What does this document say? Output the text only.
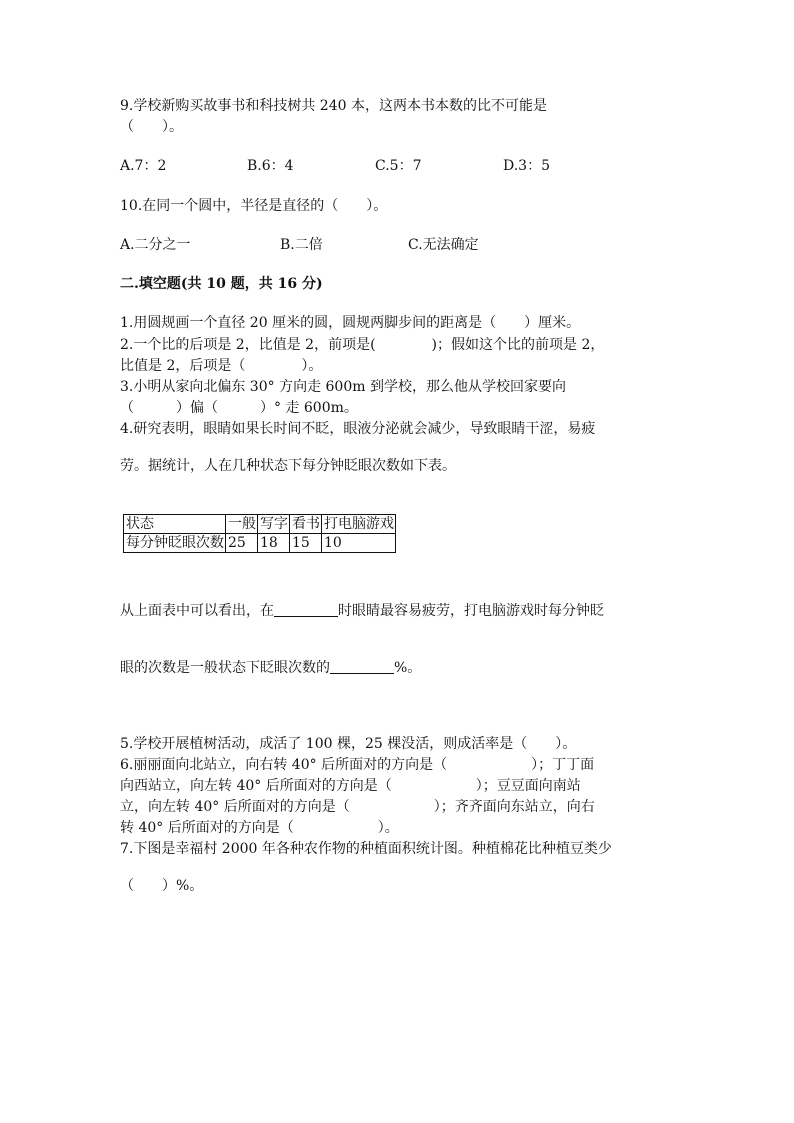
9.学校新购买故事书和科技树共 240 本，这两本书本数的比不可能是
（　　）。
A.7：2	B.6：4	C.5：7	D.3：5
10.在同一个圆中，半径是直径的（　　）。
A.二分之一	B.二倍	C.无法确定
二.填空题(共 10 题，共 16 分)
1.用圆规画一个直径 20 厘米的圆，圆规两脚步间的距离是（　　）厘米。
2.一个比的后项是 2，比值是 2，前项是(　　　　)；假如这个比的前项是 2，
比值是 2，后项是（　　　　）。
3.小明从家向北偏东 30° 方向走 600m 到学校，那么他从学校回家要向
（　　　）偏（　　　）° 走 600m。
4.研究表明，眼睛如果长时间不眨，眼液分泌就会减少，导致眼睛干涩，易疲
劳。据统计，人在几种状态下每分钟眨眼次数如下表。
状态	一般	写字	看书	打电脑游戏
每分钟眨眼次数	25	18	15	10
从上面表中可以看出，在	时眼睛最容易疲劳，打电脑游戏时每分钟眨
眼的次数是一般状态下眨眼次数的	%。
5.学校开展植树活动，成活了 100 棵，25 棵没活，则成活率是（　　）。
6.丽丽面向北站立，向右转 40° 后所面对的方向是（　　　　　　）；丁丁面
向西站立，向左转 40° 后所面对的方向是（　　　　　　）；豆豆面向南站
立，向左转 40° 后所面对的方向是（　　　　　　）；齐齐面向东站立，向右
转 40° 后所面对的方向是（　　　　　　）。
7.下图是幸福村 2000 年各种农作物的种植面积统计图。种植棉花比种植豆类少
（　　）%。
